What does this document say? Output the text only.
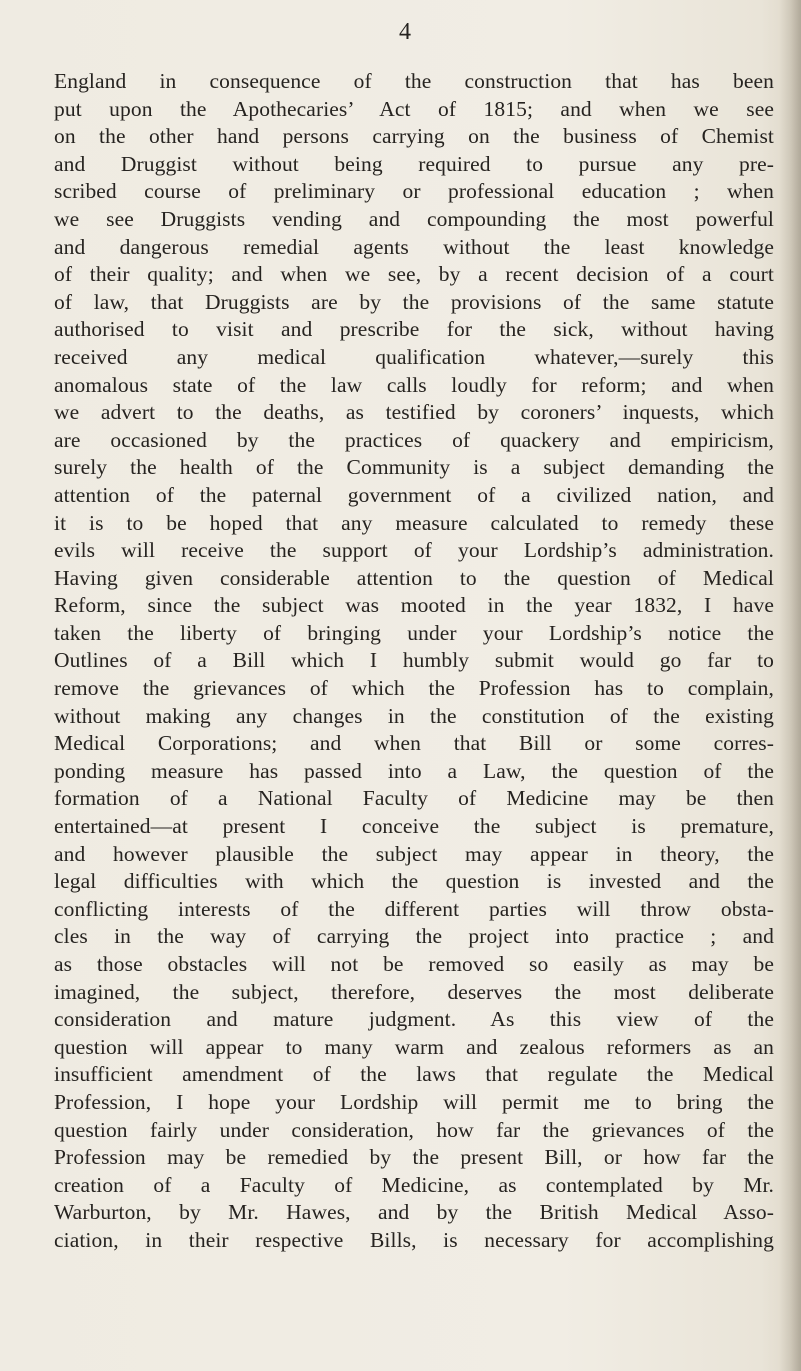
4
England in consequence of the construction that has been
put upon the Apothecaries’ Act of 1815; and when we see
on the other hand persons carrying on the business of Chemist
and Druggist without being required to pursue any pre-
scribed course of preliminary or professional education ; when
we see Druggists vending and compounding the most powerful
and dangerous remedial agents without the least knowledge
of their quality; and when we see, by a recent decision of a court
of law, that Druggists are by the provisions of the same statute
authorised to visit and prescribe for the sick, without having
received any medical qualification whatever,—surely this
anomalous state of the law calls loudly for reform; and when
we advert to the deaths, as testified by coroners’ inquests, which
are occasioned by the practices of quackery and empiricism,
surely the health of the Community is a subject demanding the
attention of the paternal government of a civilized nation, and
it is to be hoped that any measure calculated to remedy these
evils will receive the support of your Lordship’s administration.
Having given considerable attention to the question of Medical
Reform, since the subject was mooted in the year 1832, I have
taken the liberty of bringing under your Lordship’s notice the
Outlines of a Bill which I humbly submit would go far to
remove the grievances of which the Profession has to complain,
without making any changes in the constitution of the existing
Medical Corporations; and when that Bill or some corres-
ponding measure has passed into a Law, the question of the
formation of a National Faculty of Medicine may be then
entertained—at present I conceive the subject is premature,
and however plausible the subject may appear in theory, the
legal difficulties with which the question is invested and the
conflicting interests of the different parties will throw obsta-
cles in the way of carrying the project into practice ; and
as those obstacles will not be removed so easily as may be
imagined, the subject, therefore, deserves the most deliberate
consideration and mature judgment. As this view of the
question will appear to many warm and zealous reformers as an
insufficient amendment of the laws that regulate the Medical
Profession, I hope your Lordship will permit me to bring the
question fairly under consideration, how far the grievances of the
Profession may be remedied by the present Bill, or how far the
creation of a Faculty of Medicine, as contemplated by Mr.
Warburton, by Mr. Hawes, and by the British Medical Asso-
ciation, in their respective Bills, is necessary for accomplishing
